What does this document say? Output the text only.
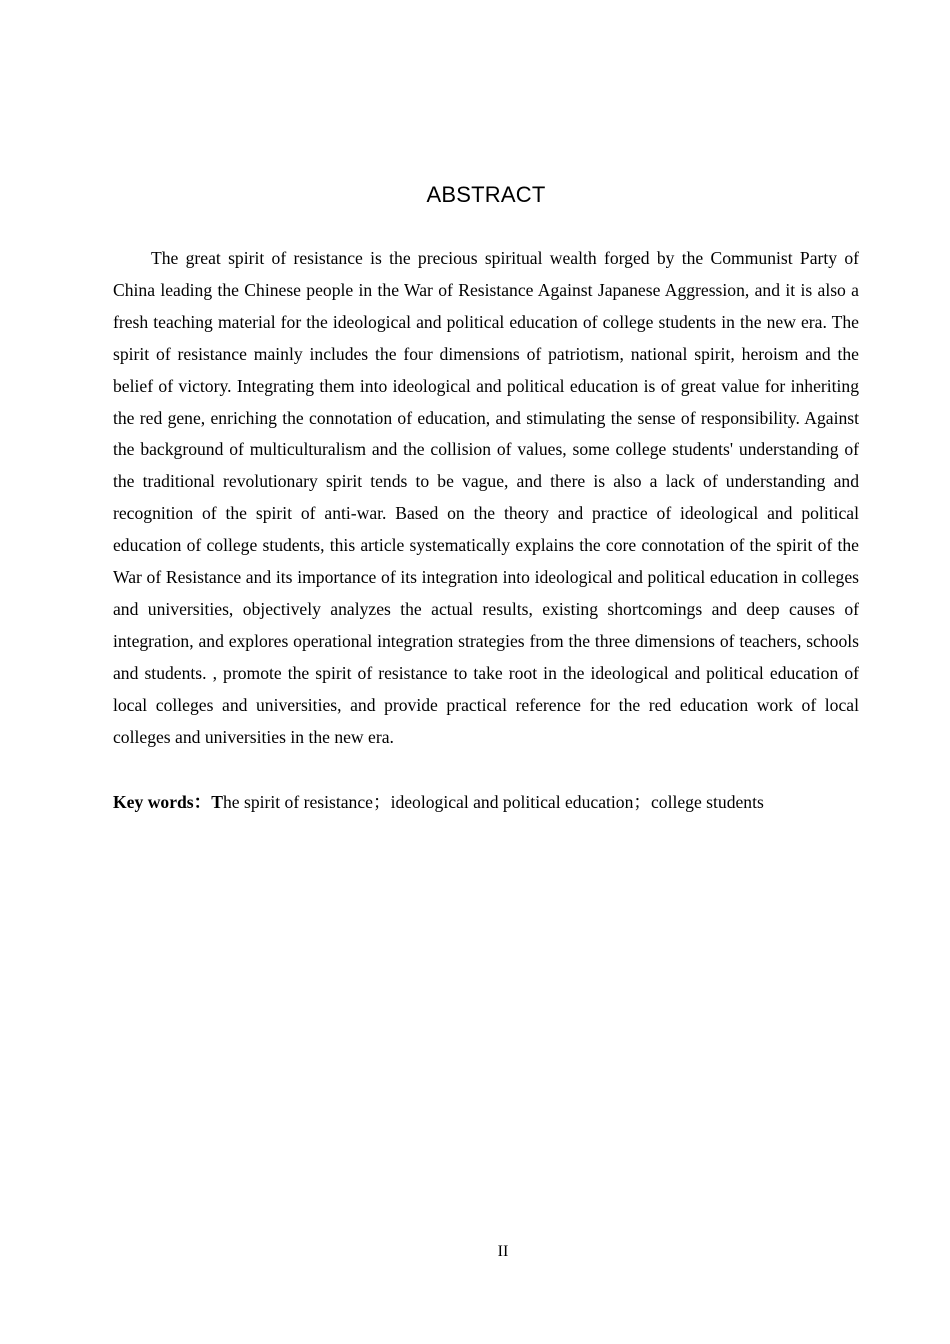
ABSTRACT

The great spirit of resistance is the precious spiritual wealth forged by the Communist Party of China leading the Chinese people in the War of Resistance Against Japanese Aggression, and it is also a fresh teaching material for the ideological and political education of college students in the new era. The spirit of resistance mainly includes the four dimensions of patriotism, national spirit, heroism and the belief of victory. Integrating them into ideological and political education is of great value for inheriting the red gene, enriching the connotation of education, and stimulating the sense of responsibility. Against the background of multiculturalism and the collision of values, some college students' understanding of the traditional revolutionary spirit tends to be vague, and there is also a lack of understanding and recognition of the spirit of anti-war. Based on the theory and practice of ideological and political education of college students, this article systematically explains the core connotation of the spirit of the War of Resistance and its importance of its integration into ideological and political education in colleges and universities, objectively analyzes the actual results, existing shortcomings and deep causes of integration, and explores operational integration strategies from the three dimensions of teachers, schools and students. , promote the spirit of resistance to take root in the ideological and political education of local colleges and universities, and provide practical reference for the red education work of local colleges and universities in the new era.

Key words：The spirit of resistance；ideological and political education；college students

II
